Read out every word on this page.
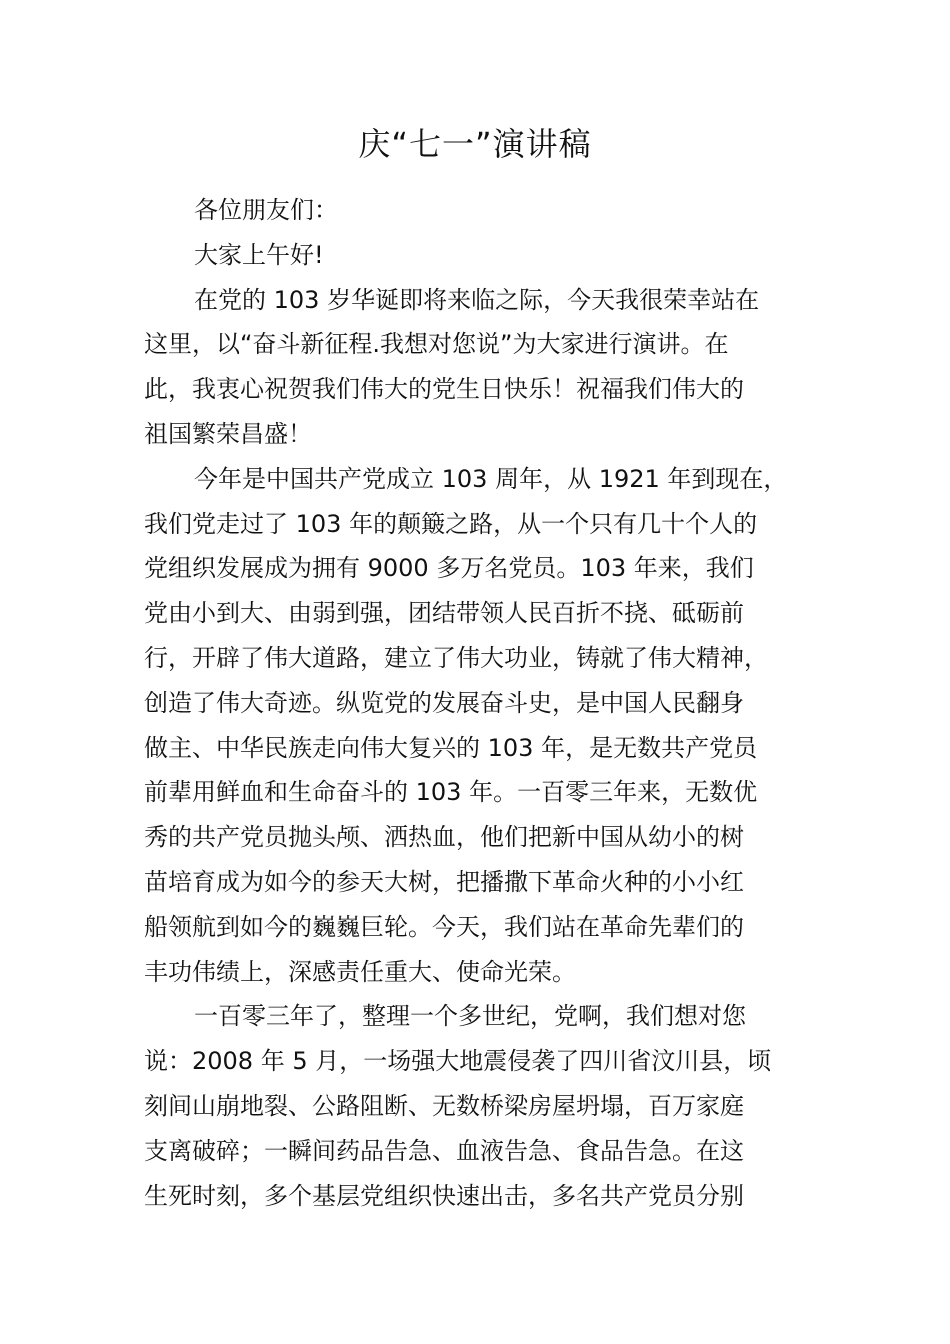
庆“七一”演讲稿
各位朋友们：
大家上午好!
在党的 103 岁华诞即将来临之际，今天我很荣幸站在
这里，以“奋斗新征程.我想对您说”为大家进行演讲。在
此，我衷心祝贺我们伟大的党生日快乐！祝福我们伟大的
祖国繁荣昌盛！
今年是中国共产党成立 103 周年，从 1921 年到现在，
我们党走过了 103 年的颠簸之路，从一个只有几十个人的
党组织发展成为拥有 9000 多万名党员。103 年来，我们
党由小到大、由弱到强，团结带领人民百折不挠、砥砺前
行，开辟了伟大道路，建立了伟大功业，铸就了伟大精神，
创造了伟大奇迹。纵览党的发展奋斗史，是中国人民翻身
做主、中华民族走向伟大复兴的 103 年，是无数共产党员
前辈用鲜血和生命奋斗的 103 年。一百零三年来，无数优
秀的共产党员抛头颅、洒热血，他们把新中国从幼小的树
苗培育成为如今的参天大树，把播撒下革命火种的小小红
船领航到如今的巍巍巨轮。今天，我们站在革命先辈们的
丰功伟绩上，深感责任重大、使命光荣。
一百零三年了，整理一个多世纪，党啊，我们想对您
说：2008 年 5 月，一场强大地震侵袭了四川省汶川县，顷
刻间山崩地裂、公路阻断、无数桥梁房屋坍塌，百万家庭
支离破碎；一瞬间药品告急、血液告急、食品告急。在这
生死时刻，多个基层党组织快速出击，多名共产党员分别
